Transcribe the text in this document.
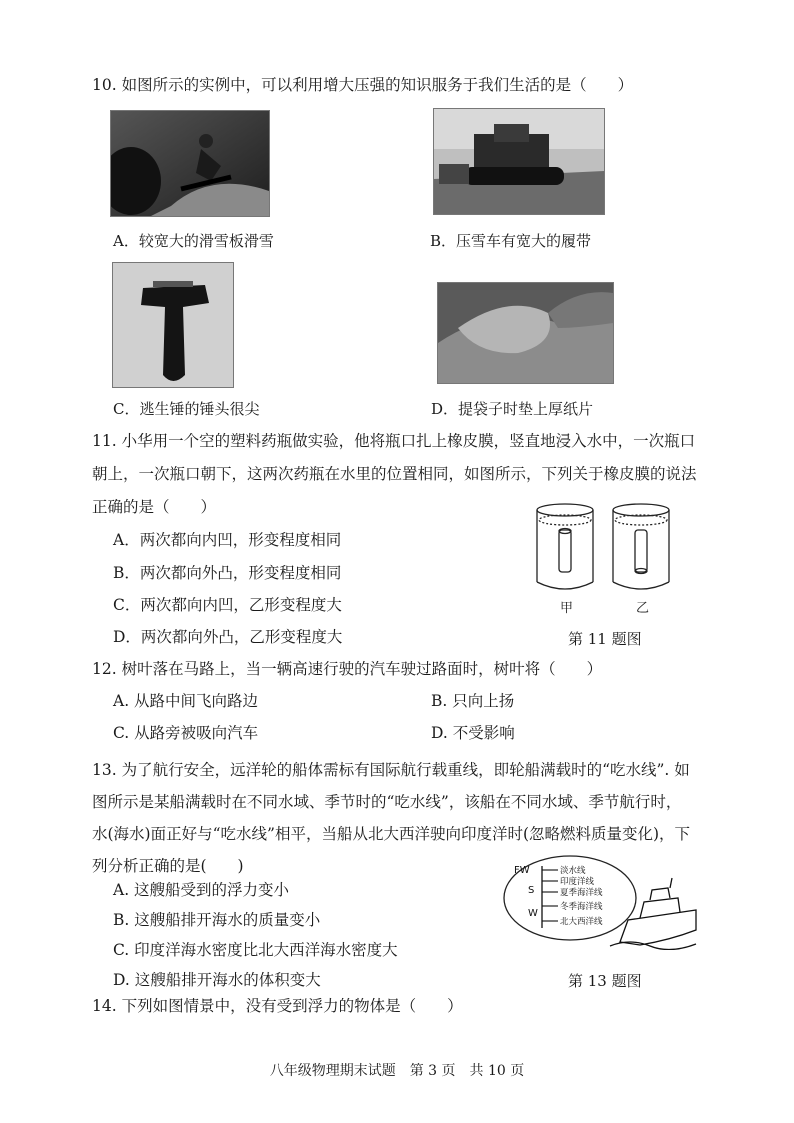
10. 如图所示的实例中，可以利用增大压强的知识服务于我们生活的是（　　）
A．较宽大的滑雪板滑雪	B．压雪车有宽大的履带
C．逃生锤的锤头很尖	D．提袋子时垫上厚纸片
11. 小华用一个空的塑料药瓶做实验，他将瓶口扎上橡皮膜，竖直地浸入水中，一次瓶口
朝上，一次瓶口朝下，这两次药瓶在水里的位置相同，如图所示，下列关于橡皮膜的说法
正确的是（　　）
A．两次都向内凹，形变程度相同
B．两次都向外凸，形变程度相同
C．两次都向内凹，乙形变程度大
D．两次都向外凸，乙形变程度大
甲	乙
第 11 题图
12. 树叶落在马路上，当一辆高速行驶的汽车驶过路面时，树叶将（　　）
A. 从路中间飞向路边	B. 只向上扬
C. 从路旁被吸向汽车	D. 不受影响
13. 为了航行安全，远洋轮的船体需标有国际航行载重线，即轮船满载时的“吃水线”. 如
图所示是某船满载时在不同水域、季节时的“吃水线”，该船在不同水域、季节航行时，
水(海水)面正好与“吃水线”相平，当船从北大西洋驶向印度洋时(忽略燃料质量变化)，下
列分析正确的是(　　)
A. 这艘船受到的浮力变小
B. 这艘船排开海水的质量变小
C. 印度洋海水密度比北大西洋海水密度大
D. 这艘船排开海水的体积变大
FW
S
W
淡水线
印度洋线
夏季海洋线
冬季海洋线
北大西洋线
第 13 题图
14. 下列如图情景中，没有受到浮力的物体是（　　）
八年级物理期末试题　第 3 页　共 10 页
